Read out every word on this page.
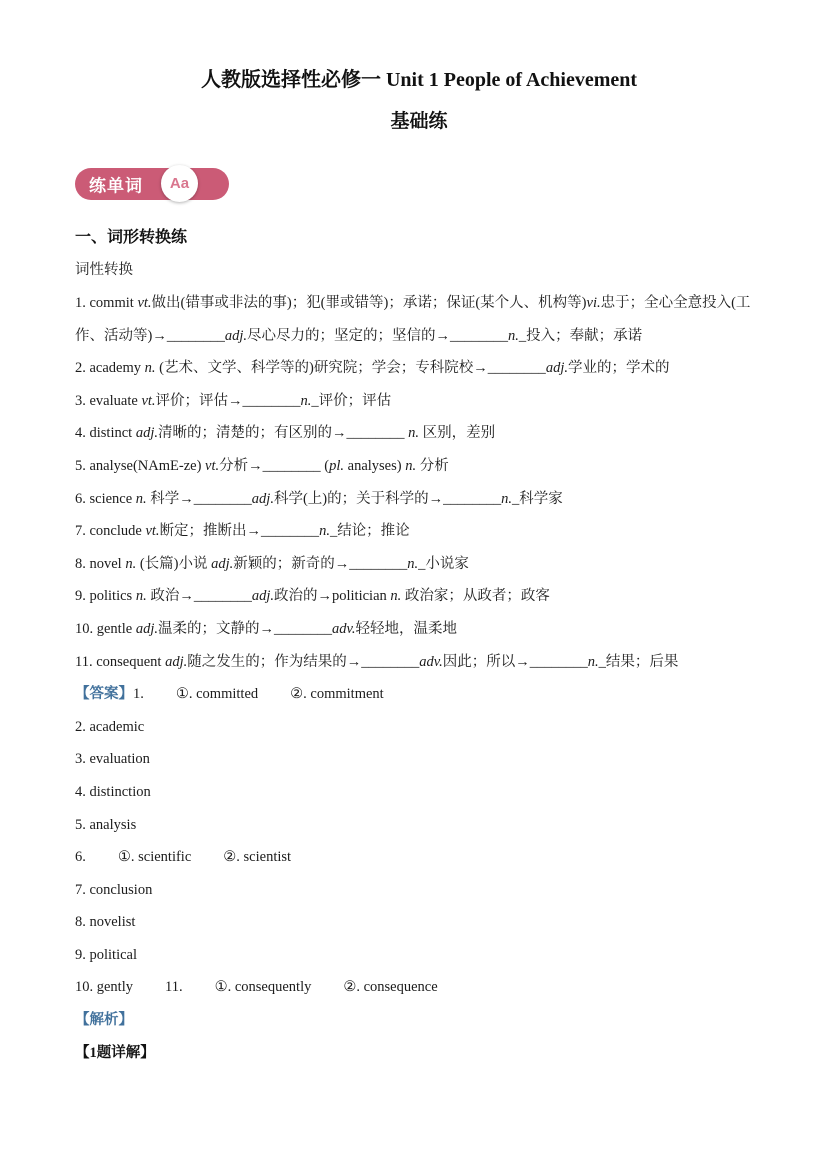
人教版选择性必修一 Unit 1 People of Achievement
基础练
练单词 Aa
一、词形转换练

词性转换

1. commit vt.做出(错事或非法的事)；犯(罪或错等)；承诺；保证(某个人、机构等)vi.忠于；全心全意投入(工作、活动等)→________adj.尽心尽力的；坚定的；坚信的→________n._投入；奉献；承诺

2. academy n. (艺术、文学、科学等的)研究院；学会；专科院校→________adj.学业的；学术的

3. evaluate vt.评价；评估→________n._评价；评估

4. distinct adj.清晰的；清楚的；有区别的→________ n. 区别，差别

5. analyse(NAmE-ze) vt.分析→________ (pl. analyses) n. 分析

6. science n. 科学→________adj.科学(上)的；关于科学的→________n._科学家

7. conclude vt.断定；推断出→________n._结论；推论

8. novel n. (长篇)小说 adj.新颖的；新奇的→________n._小说家

9. politics n. 政治→________adj.政治的→politician n. 政治家；从政者；政客

10. gentle adj.温柔的；文静的→________adv.轻轻地，温柔地

11. consequent adj.随之发生的；作为结果的→________adv.因此；所以→________n._结果；后果

【答案】1. ①. committed ②. commitment

2. academic

3. evaluation

4. distinction

5. analysis

6. ①. scientific ②. scientist

7. conclusion

8. novelist

9. political

10. gently 11. ①. consequently ②. consequence

【解析】

【1题详解】
